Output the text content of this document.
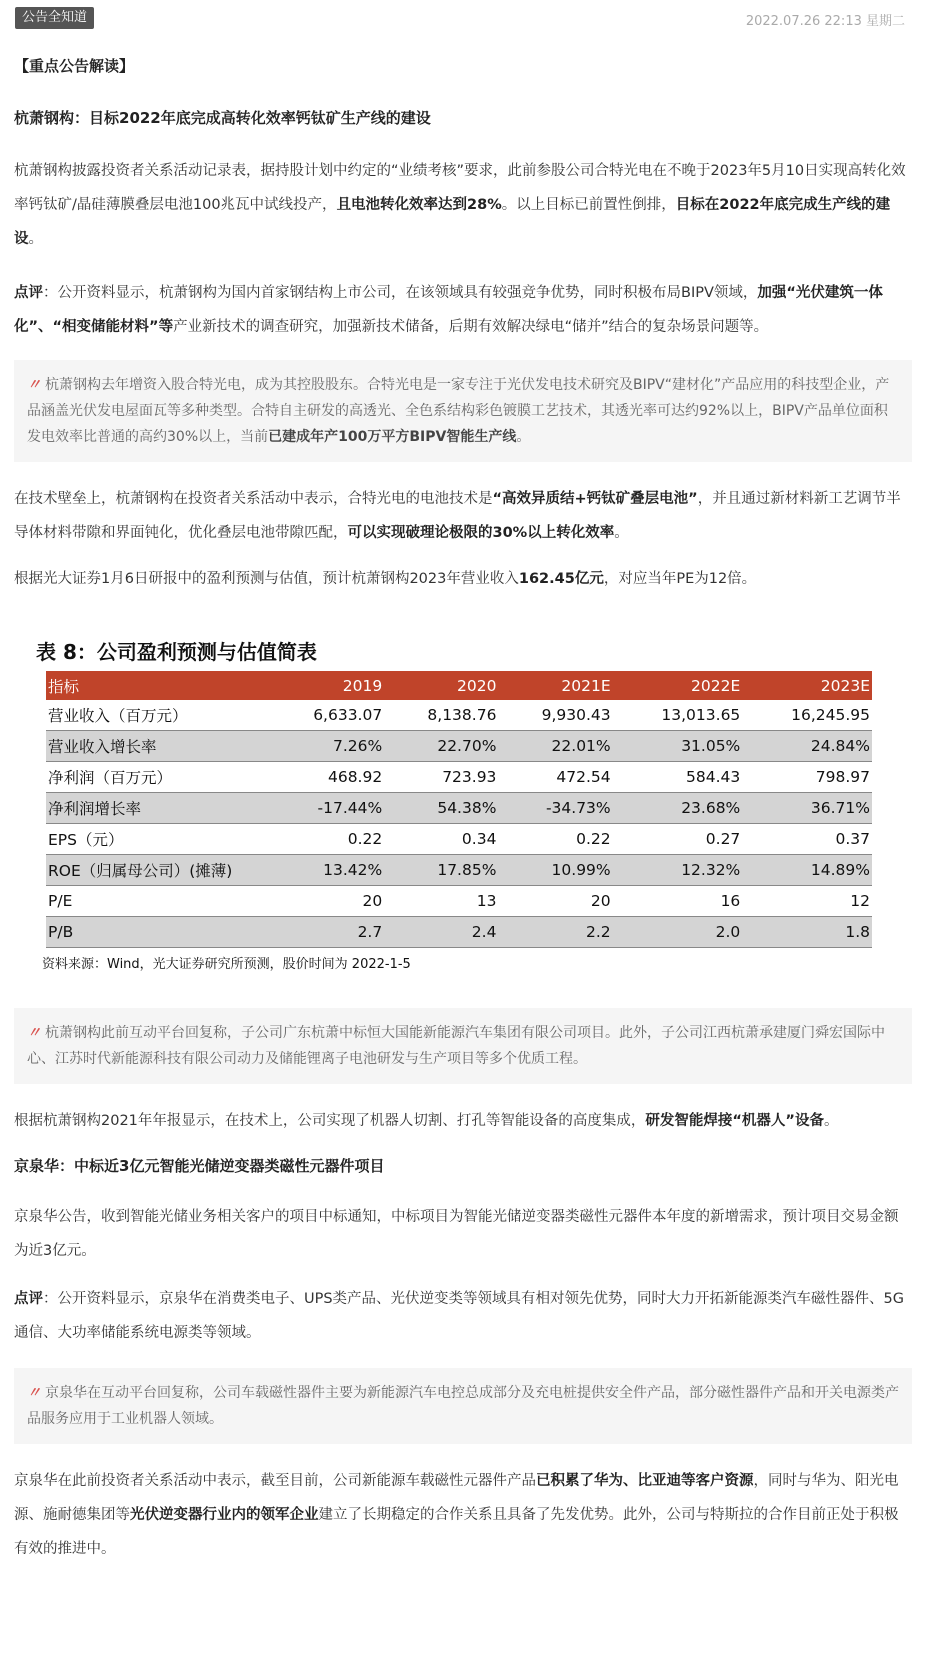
公告全知道	2022.07.26 22:13 星期二
【重点公告解读】
杭萧钢构：目标2022年底完成高转化效率钙钛矿生产线的建设

杭萧钢构披露投资者关系活动记录表，据持股计划中约定的“业绩考核”要求，此前参股公司合特光电在不晚于2023年5月10日实现高转化效率钙钛矿/晶硅薄膜叠层电池100兆瓦中试线投产，且电池转化效率达到28%。以上目标已前置性倒排，目标在2022年底完成生产线的建设。

点评：公开资料显示，杭萧钢构为国内首家钢结构上市公司，在该领域具有较强竞争优势，同时积极布局BIPV领域，加强“光伏建筑一体化”、“相变储能材料”等产业新技术的调查研究，加强新技术储备，后期有效解决绿电“储并”结合的复杂场景问题等。

〃 杭萧钢构去年增资入股合特光电，成为其控股股东。合特光电是一家专注于光伏发电技术研究及BIPV“建材化”产品应用的科技型企业，产品涵盖光伏发电屋面瓦等多种类型。合特自主研发的高透光、全色系结构彩色镀膜工艺技术，其透光率可达约92%以上，BIPV产品单位面积发电效率比普通的高约30%以上，当前已建成年产100万平方BIPV智能生产线。

在技术壁垒上，杭萧钢构在投资者关系活动中表示，合特光电的电池技术是“高效异质结+钙钛矿叠层电池”，并且通过新材料新工艺调节半导体材料带隙和界面钝化，优化叠层电池带隙匹配，可以实现破理论极限的30%以上转化效率。

根据光大证券1月6日研报中的盈利预测与估值，预计杭萧钢构2023年营业收入162.45亿元，对应当年PE为12倍。

表 8：公司盈利预测与估值简表
指标	2019	2020	2021E	2022E	2023E
营业收入（百万元）	6,633.07	8,138.76	9,930.43	13,013.65	16,245.95
营业收入增长率	7.26%	22.70%	22.01%	31.05%	24.84%
净利润（百万元）	468.92	723.93	472.54	584.43	798.97
净利润增长率	-17.44%	54.38%	-34.73%	23.68%	36.71%
EPS（元）	0.22	0.34	0.22	0.27	0.37
ROE（归属母公司）(摊薄)	13.42%	17.85%	10.99%	12.32%	14.89%
P/E	20	13	20	16	12
P/B	2.7	2.4	2.2	2.0	1.8
资料来源：Wind，光大证券研究所预测，股价时间为 2022-1-5
〃 杭萧钢构此前互动平台回复称，子公司广东杭萧中标恒大国能新能源汽车集团有限公司项目。此外，子公司江西杭萧承建厦门舜宏国际中心、江苏时代新能源科技有限公司动力及储能锂离子电池研发与生产项目等多个优质工程。

根据杭萧钢构2021年年报显示，在技术上，公司实现了机器人切割、打孔等智能设备的高度集成，研发智能焊接“机器人”设备。

京泉华：中标近3亿元智能光储逆变器类磁性元器件项目

京泉华公告，收到智能光储业务相关客户的项目中标通知，中标项目为智能光储逆变器类磁性元器件本年度的新增需求，预计项目交易金额为近3亿元。

点评：公开资料显示，京泉华在消费类电子、UPS类产品、光伏逆变类等领域具有相对领先优势，同时大力开拓新能源类汽车磁性器件、5G通信、大功率储能系统电源类等领域。

〃 京泉华在互动平台回复称，公司车载磁性器件主要为新能源汽车电控总成部分及充电桩提供安全件产品，部分磁性器件产品和开关电源类产品服务应用于工业机器人领域。

京泉华在此前投资者关系活动中表示，截至目前，公司新能源车载磁性元器件产品已积累了华为、比亚迪等客户资源，同时与华为、阳光电源、施耐德集团等光伏逆变器行业内的领军企业建立了长期稳定的合作关系且具备了先发优势。此外，公司与特斯拉的合作目前正处于积极有效的推进中。
